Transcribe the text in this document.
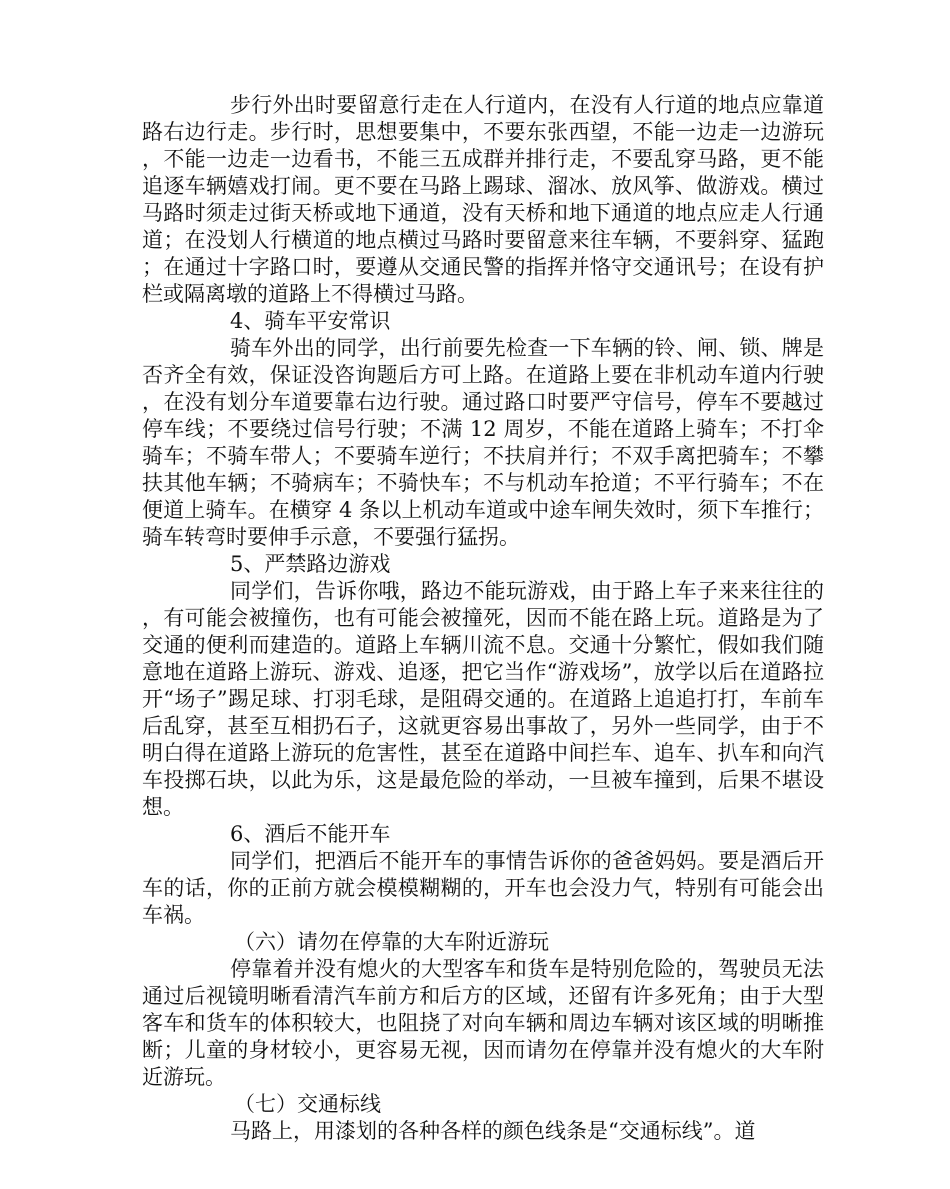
步行外出时要留意行走在人行道内，在没有人行道的地点应靠道路右边行走。步行时，思想要集中，不要东张西望，不能一边走一边游玩，不能一边走一边看书，不能三五成群并排行走，不要乱穿马路，更不能追逐车辆嬉戏打闹。更不要在马路上踢球、溜冰、放风筝、做游戏。横过马路时须走过街天桥或地下通道，没有天桥和地下通道的地点应走人行通道；在没划人行横道的地点横过马路时要留意来往车辆，不要斜穿、猛跑；在通过十字路口时，要遵从交通民警的指挥并恪守交通讯号；在设有护栏或隔离墩的道路上不得横过马路。

4、骑车平安常识

骑车外出的同学，出行前要先检查一下车辆的铃、闸、锁、牌是否齐全有效，保证没咨询题后方可上路。在道路上要在非机动车道内行驶，在没有划分车道要靠右边行驶。通过路口时要严守信号，停车不要越过停车线；不要绕过信号行驶；不满 12 周岁，不能在道路上骑车；不打伞骑车；不骑车带人；不要骑车逆行；不扶肩并行；不双手离把骑车；不攀扶其他车辆；不骑病车；不骑快车；不与机动车抢道；不平行骑车；不在便道上骑车。在横穿 4 条以上机动车道或中途车闸失效时，须下车推行；骑车转弯时要伸手示意，不要强行猛拐。

5、严禁路边游戏

同学们，告诉你哦，路边不能玩游戏，由于路上车子来来往往的，有可能会被撞伤，也有可能会被撞死，因而不能在路上玩。道路是为了交通的便利而建造的。道路上车辆川流不息。交通十分繁忙，假如我们随意地在道路上游玩、游戏、追逐，把它当作“游戏场”，放学以后在道路拉开“场子”踢足球、打羽毛球，是阻碍交通的。在道路上追追打打，车前车后乱穿，甚至互相扔石子，这就更容易出事故了，另外一些同学，由于不明白得在道路上游玩的危害性，甚至在道路中间拦车、追车、扒车和向汽车投掷石块，以此为乐，这是最危险的举动，一旦被车撞到，后果不堪设想。

6、酒后不能开车

同学们，把酒后不能开车的事情告诉你的爸爸妈妈。要是酒后开车的话，你的正前方就会模模糊糊的，开车也会没力气，特别有可能会出车祸。

（六）请勿在停靠的大车附近游玩

停靠着并没有熄火的大型客车和货车是特别危险的，驾驶员无法通过后视镜明晰看清汽车前方和后方的区域，还留有许多死角；由于大型客车和货车的体积较大，也阻挠了对向车辆和周边车辆对该区域的明晰推断；儿童的身材较小，更容易无视，因而请勿在停靠并没有熄火的大车附近游玩。

（七）交通标线

马路上，用漆划的各种各样的颜色线条是“交通标线”。道
